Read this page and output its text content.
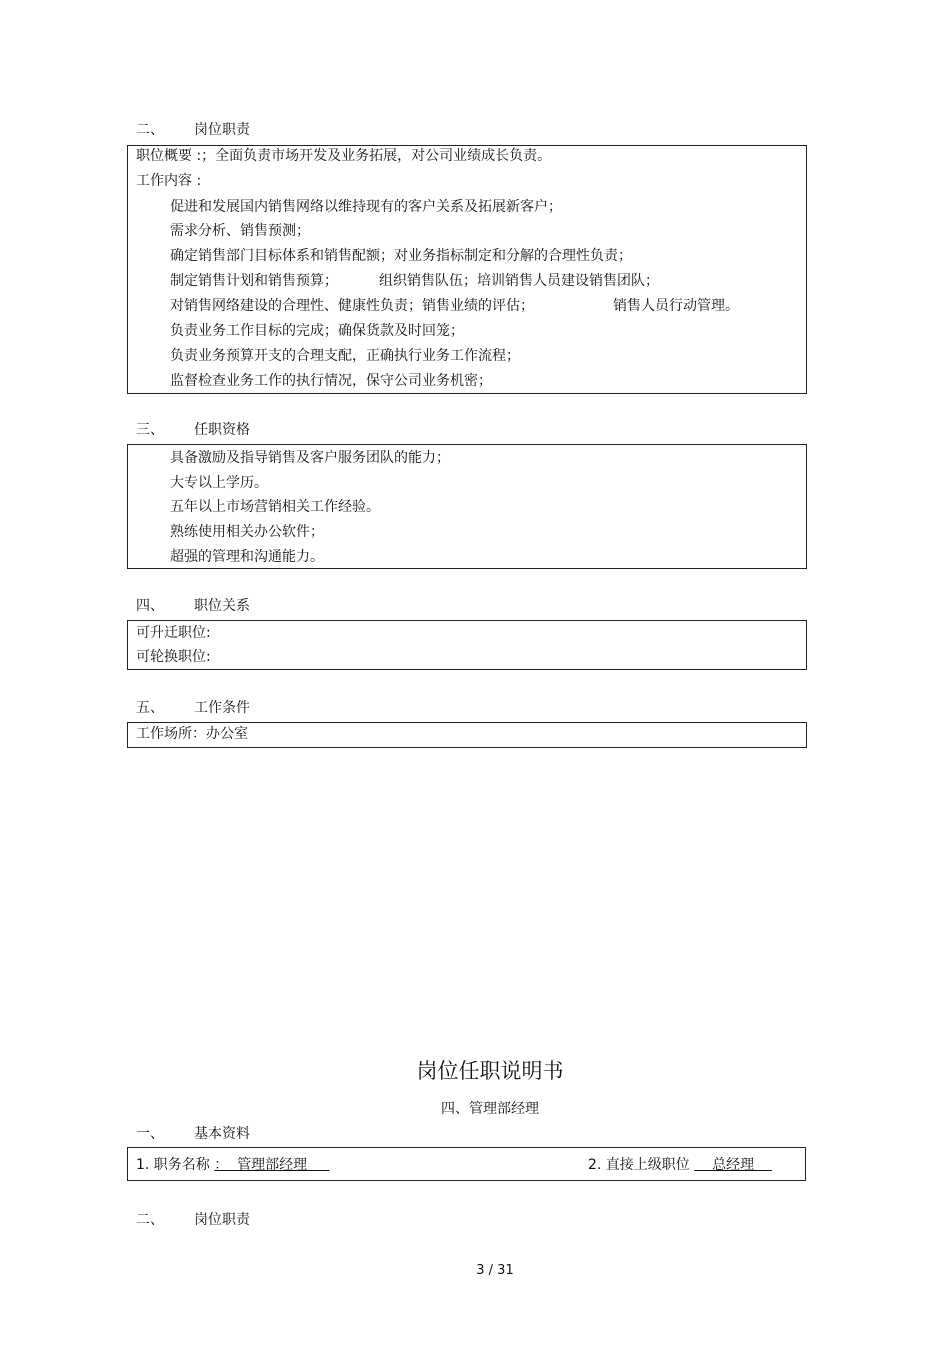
二、 岗位职责
职位概要 :；全面负责市场开发及业务拓展，对公司业绩成长负责。
工作内容 :
促进和发展国内销售网络以维持现有的客户关系及拓展新客户；
需求分析、销售预测；
确定销售部门目标体系和销售配额；对业务指标制定和分解的合理性负责；
制定销售计划和销售预算；	组织销售队伍；培训销售人员建设销售团队；
对销售网络建设的合理性、健康性负责；销售业绩的评估；	销售人员行动管理。
负责业务工作目标的完成；确保货款及时回笼；
负责业务预算开支的合理支配，正确执行业务工作流程；
监督检查业务工作的执行情况，保守公司业务机密；
三、 任职资格
具备激励及指导销售及客户服务团队的能力；
大专以上学历。
五年以上市场营销相关工作经验。
熟练使用相关办公软件；
超强的管理和沟通能力。
四、 职位关系
可升迁职位:
可轮换职位:
五、 工作条件
工作场所：办公室
岗位任职说明书
四、管理部经理
一、 基本资料
1. 职务名称 ：  管理部经理	2. 直接上级职位     总经理
二、 岗位职责
3 / 31
